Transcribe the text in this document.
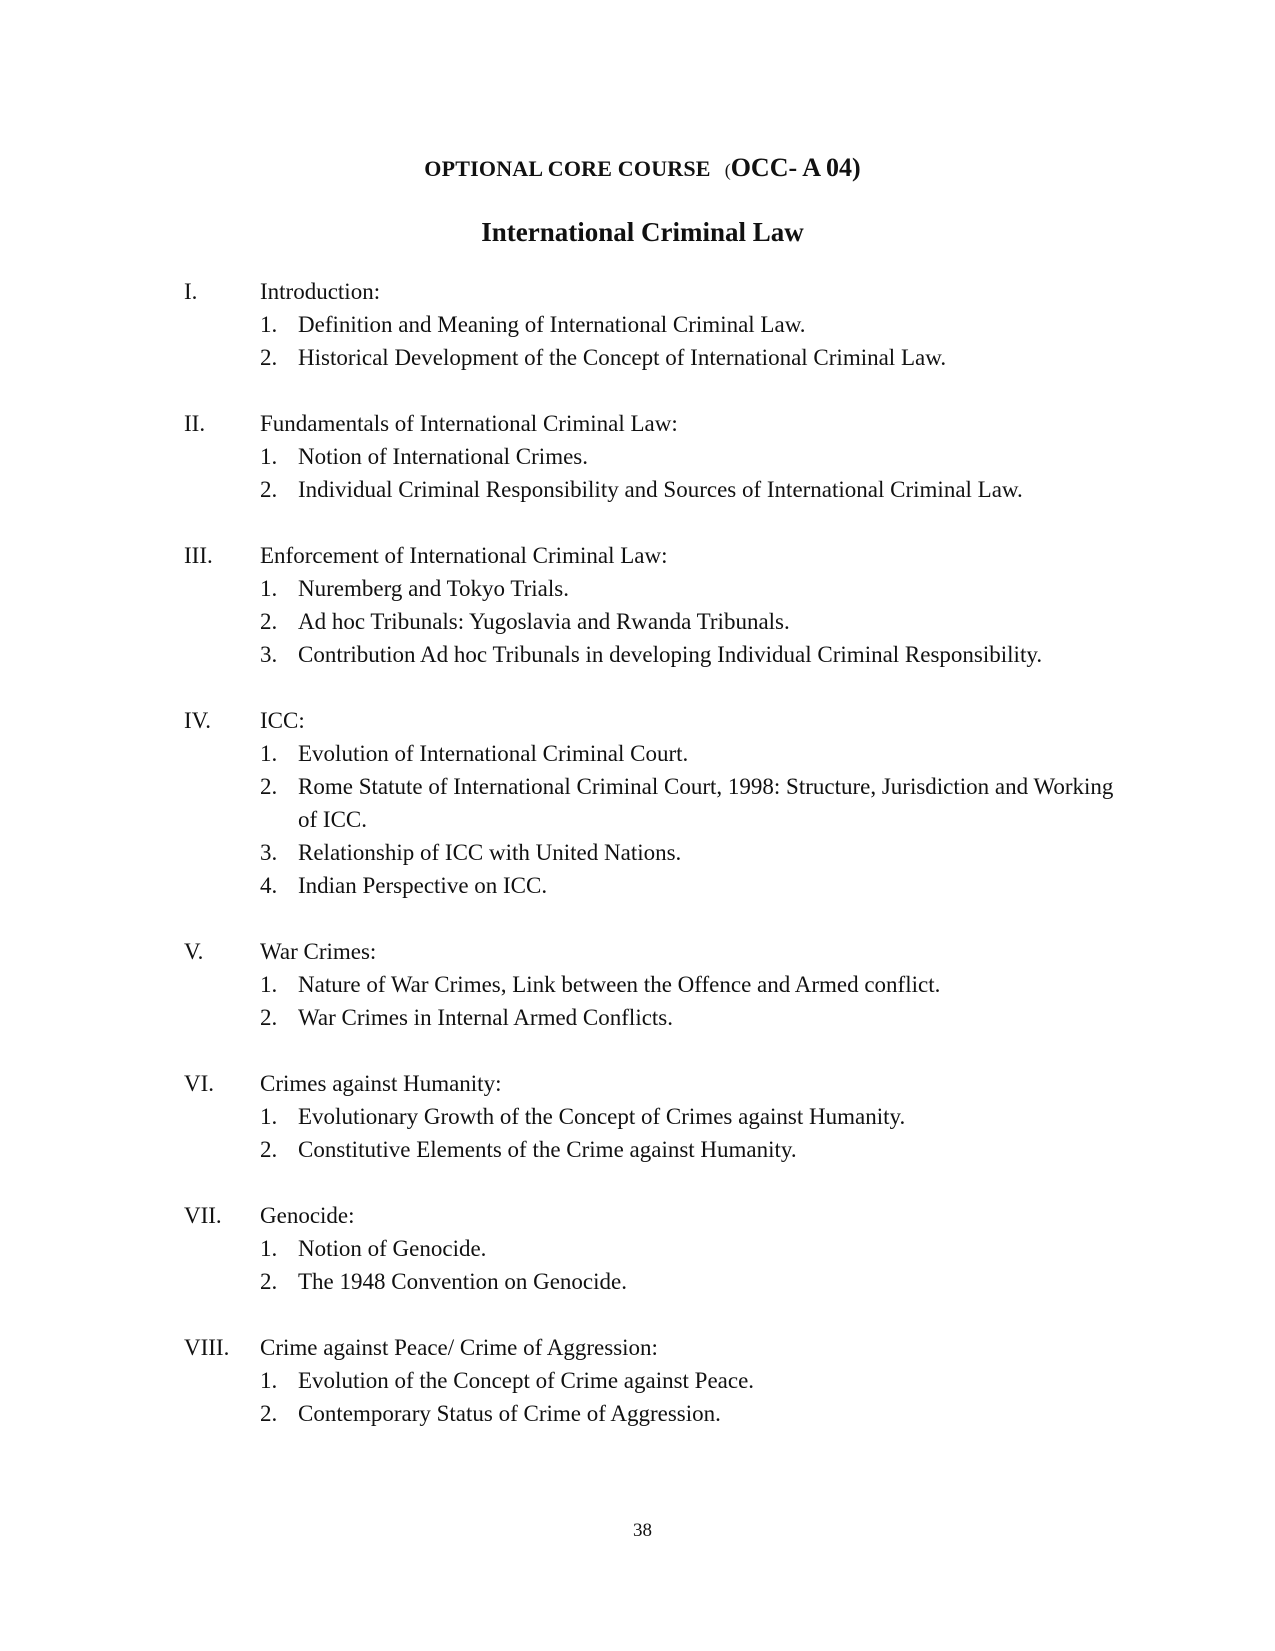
OPTIONAL CORE COURSE (OCC- A 04)
International Criminal Law
I.	Introduction:
1. Definition and Meaning of International Criminal Law.
2. Historical Development of the Concept of International Criminal Law.
II.	Fundamentals of International Criminal Law:
1. Notion of International Crimes.
2. Individual Criminal Responsibility and Sources of International Criminal Law.
III.	Enforcement of International Criminal Law:
1. Nuremberg and Tokyo Trials.
2. Ad hoc Tribunals: Yugoslavia and Rwanda Tribunals.
3. Contribution Ad hoc Tribunals in developing Individual Criminal Responsibility.
IV.	ICC:
1. Evolution of International Criminal Court.
2. Rome Statute of International Criminal Court, 1998: Structure, Jurisdiction and Working of ICC.
3. Relationship of ICC with United Nations.
4. Indian Perspective on ICC.
V.	War Crimes:
1. Nature of War Crimes, Link between the Offence and Armed conflict.
2. War Crimes in Internal Armed Conflicts.
VI.	Crimes against Humanity:
1. Evolutionary Growth of the Concept of Crimes against Humanity.
2. Constitutive Elements of the Crime against Humanity.
VII.	Genocide:
1. Notion of Genocide.
2. The 1948 Convention on Genocide.
VIII.	Crime against Peace/ Crime of Aggression:
1. Evolution of the Concept of Crime against Peace.
2. Contemporary Status of Crime of Aggression.
38
